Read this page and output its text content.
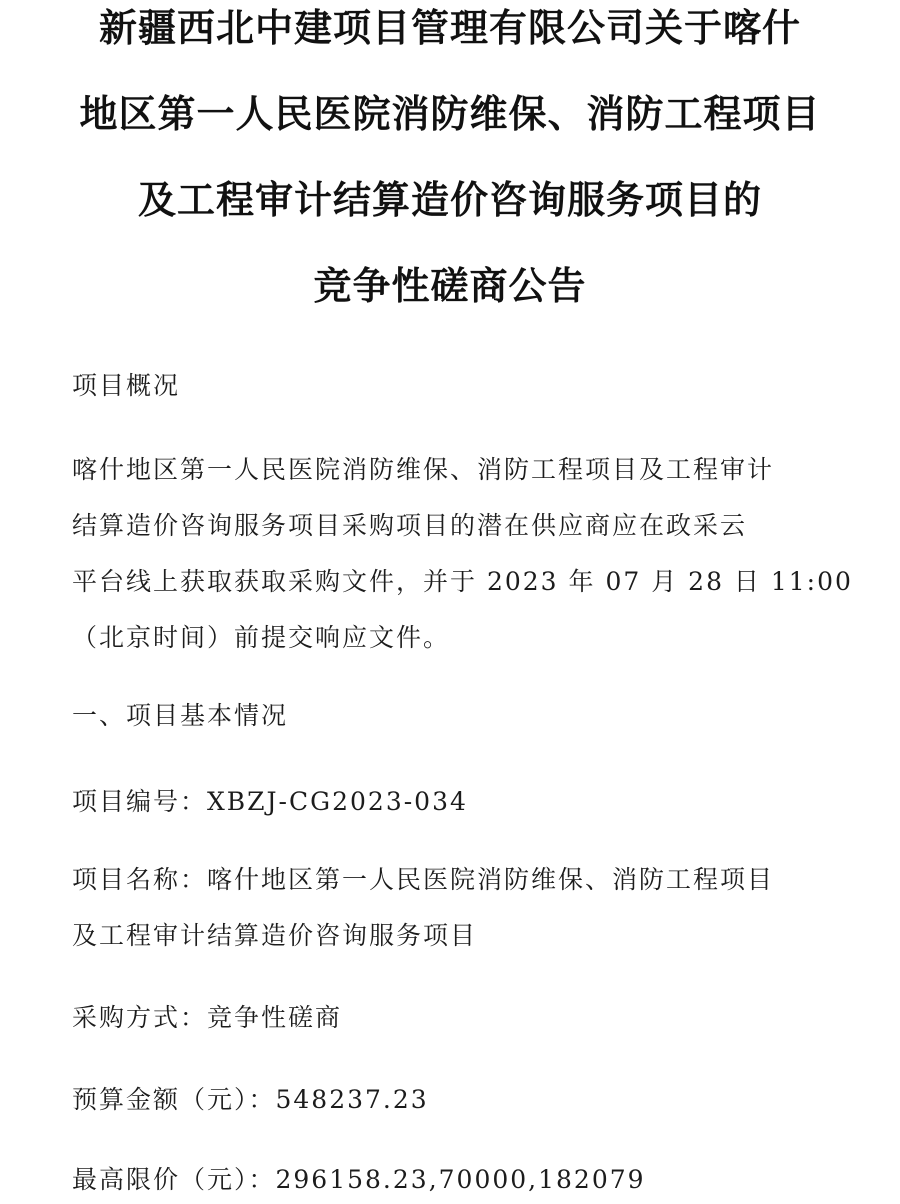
新疆西北中建项目管理有限公司关于喀什
地区第一人民医院消防维保、消防工程项目
及工程审计结算造价咨询服务项目的
竞争性磋商公告
项目概况
喀什地区第一人民医院消防维保、消防工程项目及工程审计
结算造价咨询服务项目采购项目的潜在供应商应在政采云
平台线上获取获取采购文件，并于 2023 年 07 月 28 日 11:00
（北京时间）前提交响应文件。
一、项目基本情况
项目编号：XBZJ-CG2023-034
项目名称：喀什地区第一人民医院消防维保、消防工程项目
及工程审计结算造价咨询服务项目
采购方式：竞争性磋商
预算金额（元）：548237.23
最高限价（元）：296158.23,70000,182079
